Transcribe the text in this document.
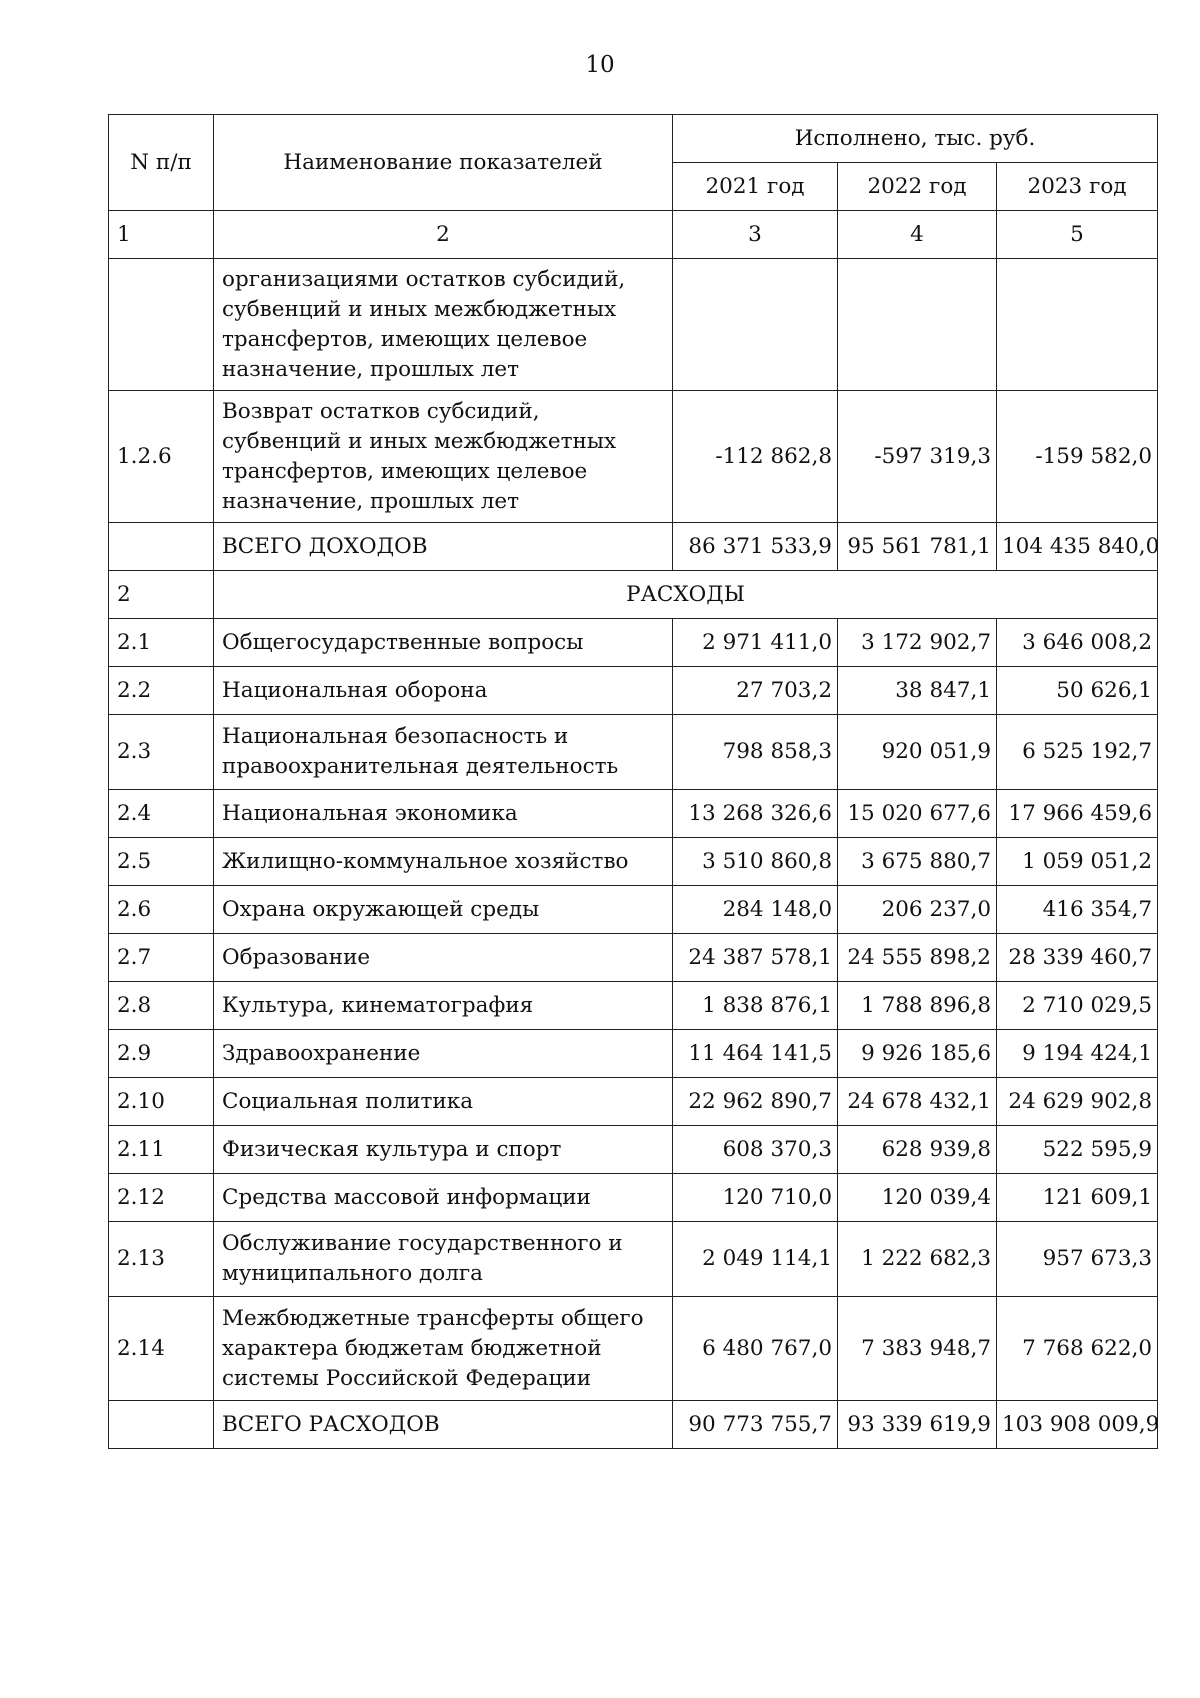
10
N п/п	Наименование показателей	Исполнено, тыс. руб.		
		2021 год	2022 год	2023 год
1	2	3	4	5
	организациями остатков субсидий, субвенций и иных межбюджетных трансфертов, имеющих целевое назначение, прошлых лет			
1.2.6	Возврат остатков субсидий, субвенций и иных межбюджетных трансфертов, имеющих целевое назначение, прошлых лет	-112 862,8	-597 319,3	-159 582,0
	ВСЕГО ДОХОДОВ	86 371 533,9	95 561 781,1	104 435 840,0
2	РАСХОДЫ			
2.1	Общегосударственные вопросы	2 971 411,0	3 172 902,7	3 646 008,2
2.2	Национальная оборона	27 703,2	38 847,1	50 626,1
2.3	Национальная безопасность и правоохранительная деятельность	798 858,3	920 051,9	6 525 192,7
2.4	Национальная экономика	13 268 326,6	15 020 677,6	17 966 459,6
2.5	Жилищно-коммунальное хозяйство	3 510 860,8	3 675 880,7	1 059 051,2
2.6	Охрана окружающей среды	284 148,0	206 237,0	416 354,7
2.7	Образование	24 387 578,1	24 555 898,2	28 339 460,7
2.8	Культура, кинематография	1 838 876,1	1 788 896,8	2 710 029,5
2.9	Здравоохранение	11 464 141,5	9 926 185,6	9 194 424,1
2.10	Социальная политика	22 962 890,7	24 678 432,1	24 629 902,8
2.11	Физическая культура и спорт	608 370,3	628 939,8	522 595,9
2.12	Средства массовой информации	120 710,0	120 039,4	121 609,1
2.13	Обслуживание государственного и муниципального долга	2 049 114,1	1 222 682,3	957 673,3
2.14	Межбюджетные трансферты общего характера бюджетам бюджетной системы Российской Федерации	6 480 767,0	7 383 948,7	7 768 622,0
	ВСЕГО РАСХОДОВ	90 773 755,7	93 339 619,9	103 908 009,9
